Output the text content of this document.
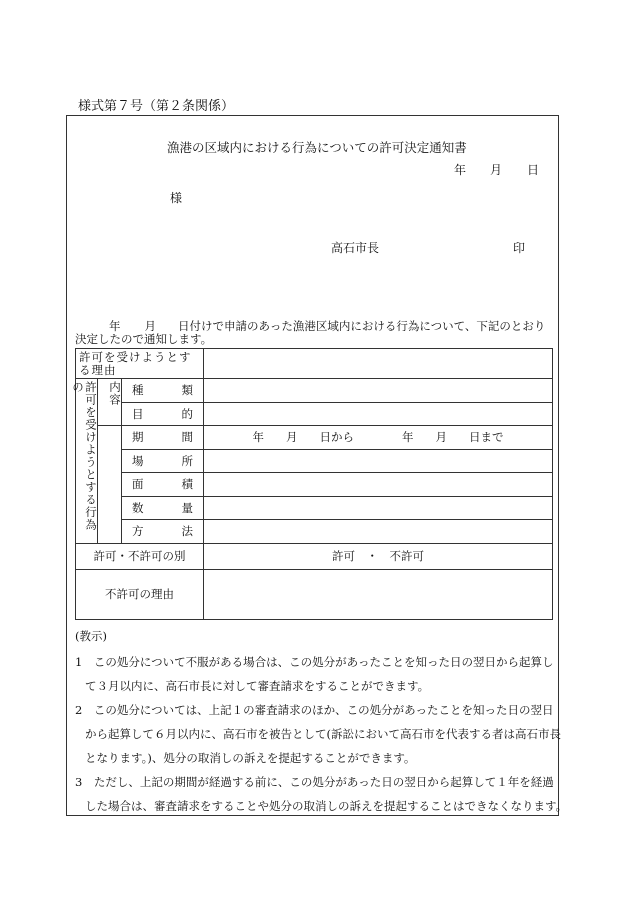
様式第７号（第２条関係）
漁港の区域内における行為についての許可決定通知書
年 月 日
様
高石市長	印
年 月 日付けで申請のあった漁港区域内における行為について、下記のとおり決定したので通知します。
許可を受けようとする理由			
許可を受けようとする行為の	内容	種類	
		目的	
		期間	年 月 日から 年 月 日まで
		場所	
		面積	
		数量	
		方法	
許可・不許可の別			許可　・　不許可
不許可の理由			
(教示)
1　この処分について不服がある場合は、この処分があったことを知った日の翌日から起算し
て３月以内に、高石市長に対して審査請求をすることができます。
2　この処分については、上記１の審査請求のほか、この処分があったことを知った日の翌日
から起算して６月以内に、高石市を被告として(訴訟において高石市を代表する者は高石市長
となります。)、処分の取消しの訴えを提起することができます。
3　ただし、上記の期間が経過する前に、この処分があった日の翌日から起算して１年を経過
した場合は、審査請求をすることや処分の取消しの訴えを提起することはできなくなります。
